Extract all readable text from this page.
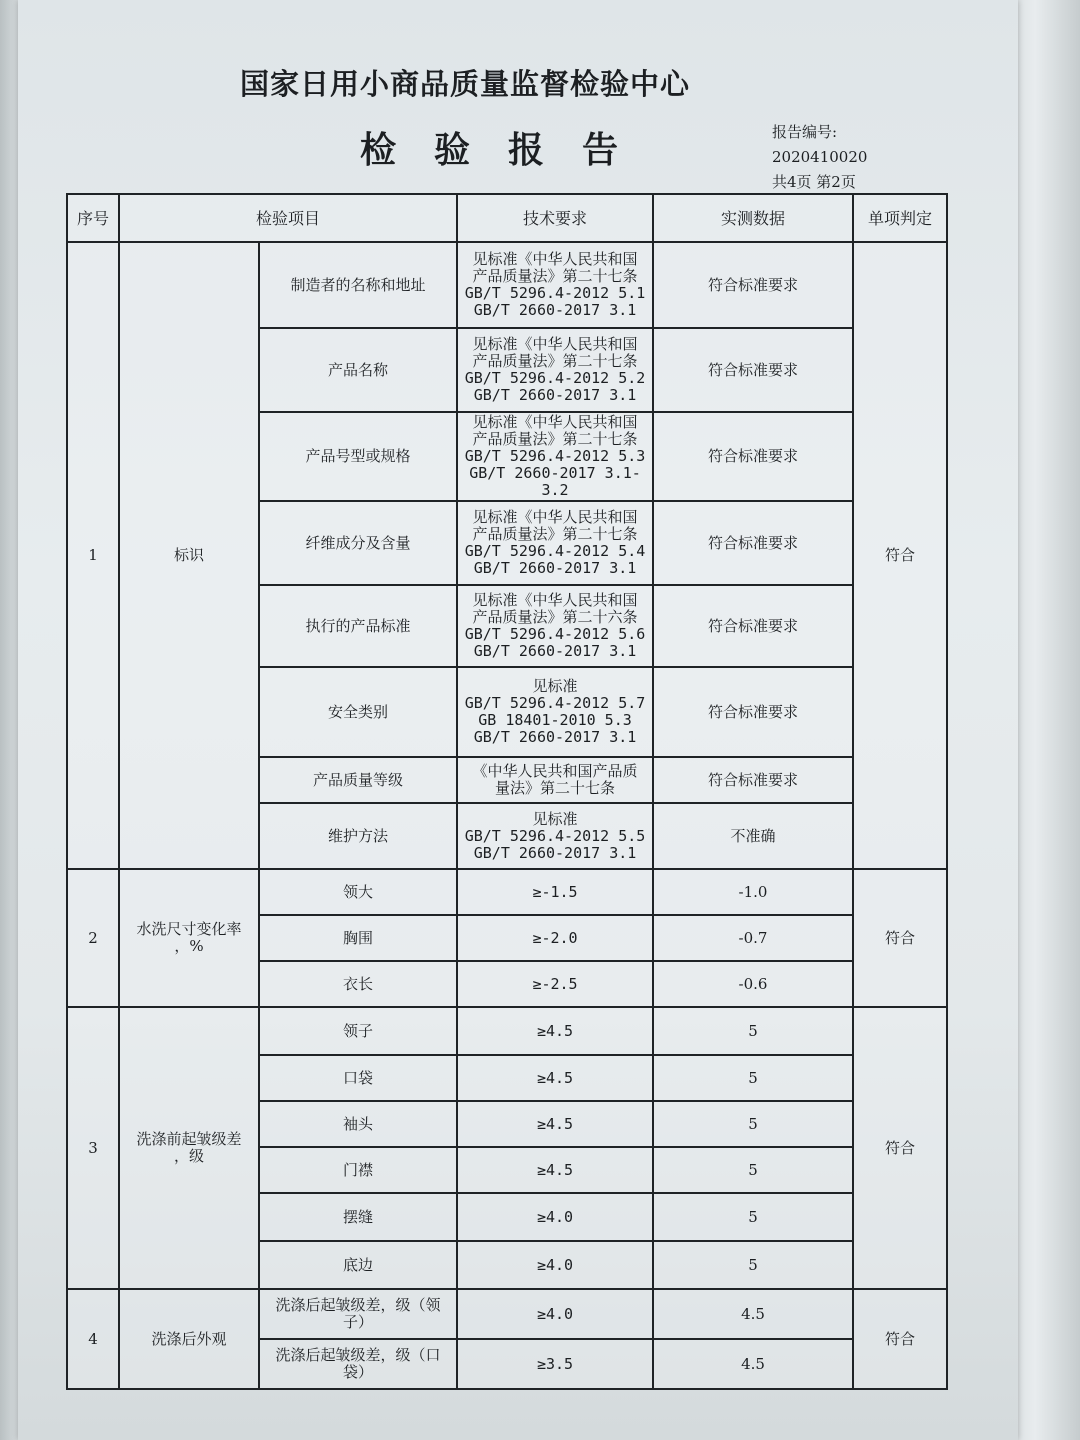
国家日用小商品质量监督检验中心
检验报告	报告编号:
2020410020
共4页 第2页
序号	检验项目		技术要求	实测数据	单项判定
1	标识	制造者的名称和地址	见标准《中华人民共和国
产品质量法》第二十七条
GB/T 5296.4-2012 5.1
GB/T 2660-2017 3.1	符合标准要求	符合
		产品名称	见标准《中华人民共和国
产品质量法》第二十七条
GB/T 5296.4-2012 5.2
GB/T 2660-2017 3.1	符合标准要求	
		产品号型或规格	见标准《中华人民共和国
产品质量法》第二十七条
GB/T 5296.4-2012 5.3
GB/T 2660-2017 3.1-3.2	符合标准要求	
		纤维成分及含量	见标准《中华人民共和国
产品质量法》第二十七条
GB/T 5296.4-2012 5.4
GB/T 2660-2017 3.1	符合标准要求	
		执行的产品标准	见标准《中华人民共和国
产品质量法》第二十六条
GB/T 5296.4-2012 5.6
GB/T 2660-2017 3.1	符合标准要求	
		安全类别	见标准
GB/T 5296.4-2012 5.7
GB 18401-2010 5.3
GB/T 2660-2017 3.1	符合标准要求	
		产品质量等级	《中华人民共和国产品质
量法》第二十七条	符合标准要求	
		维护方法	见标准
GB/T 5296.4-2012 5.5
GB/T 2660-2017 3.1	不准确	
2	水洗尺寸变化率
，%	领大	≥-1.5	-1.0	符合
		胸围	≥-2.0	-0.7	
		衣长	≥-2.5	-0.6	
3	洗涤前起皱级差
，级	领子	≥4.5	5	符合
		口袋	≥4.5	5	
		袖头	≥4.5	5	
		门襟	≥4.5	5	
		摆缝	≥4.0	5	
		底边	≥4.0	5	
4	洗涤后外观	洗涤后起皱级差，级（领
子）	≥4.0	4.5	符合
		洗涤后起皱级差，级（口
袋）	≥3.5	4.5	
